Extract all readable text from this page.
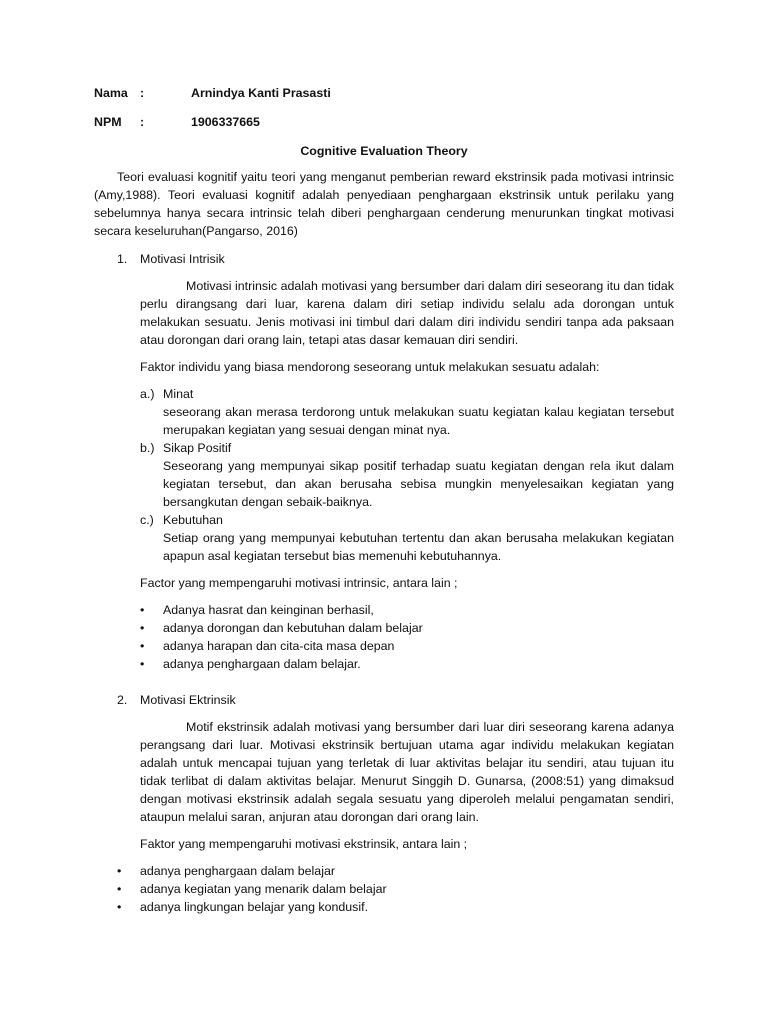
Nama :	Arnindya Kanti Prasasti
NPM	:	1906337665

Cognitive Evaluation Theory

Teori evaluasi kognitif yaitu teori yang menganut pemberian reward ekstrinsik pada motivasi intrinsic (Amy,1988). Teori evaluasi kognitif adalah penyediaan penghargaan ekstrinsik untuk perilaku yang sebelumnya hanya secara intrinsic telah diberi penghargaan cenderung menurunkan tingkat motivasi secara keseluruhan(Pangarso, 2016)

1.	Motivasi Intrisik

Motivasi intrinsic adalah motivasi yang bersumber dari dalam diri seseorang itu dan tidak perlu dirangsang dari luar, karena dalam diri setiap individu selalu ada dorongan untuk melakukan sesuatu. Jenis motivasi ini timbul dari dalam diri individu sendiri tanpa ada paksaan atau dorongan dari orang lain, tetapi atas dasar kemauan diri sendiri.

Faktor individu yang biasa mendorong seseorang untuk melakukan sesuatu adalah:

a.) Minat

seseorang akan merasa terdorong untuk melakukan suatu kegiatan kalau kegiatan tersebut merupakan kegiatan yang sesuai dengan minat nya.

b.) Sikap Positif

Seseorang yang mempunyai sikap positif terhadap suatu kegiatan dengan rela ikut dalam kegiatan tersebut, dan akan berusaha sebisa mungkin menyelesaikan kegiatan yang bersangkutan dengan sebaik-baiknya.

c.) Kebutuhan

Setiap orang yang mempunyai kebutuhan tertentu dan akan berusaha melakukan kegiatan apapun asal kegiatan tersebut bias memenuhi kebutuhannya.

Factor yang mempengaruhi motivasi intrinsic, antara lain ;

•	Adanya hasrat dan keinginan berhasil,
•	adanya dorongan dan kebutuhan dalam belajar
•	adanya harapan dan cita-cita masa depan
•	adanya penghargaan dalam belajar.
2.	Motivasi Ektrinsik

Motif ekstrinsik adalah motivasi yang bersumber dari luar diri seseorang karena adanya perangsang dari luar. Motivasi ekstrinsik bertujuan utama agar individu melakukan kegiatan adalah untuk mencapai tujuan yang terletak di luar aktivitas belajar itu sendiri, atau tujuan itu tidak terlibat di dalam aktivitas belajar. Menurut Singgih D. Gunarsa, (2008:51) yang dimaksud dengan motivasi ekstrinsik adalah segala sesuatu yang diperoleh melalui pengamatan sendiri, ataupun melalui saran, anjuran atau dorongan dari orang lain.

Faktor yang mempengaruhi motivasi ekstrinsik, antara lain ;

•	adanya penghargaan dalam belajar
•	adanya kegiatan yang menarik dalam belajar
•	adanya lingkungan belajar yang kondusif.
